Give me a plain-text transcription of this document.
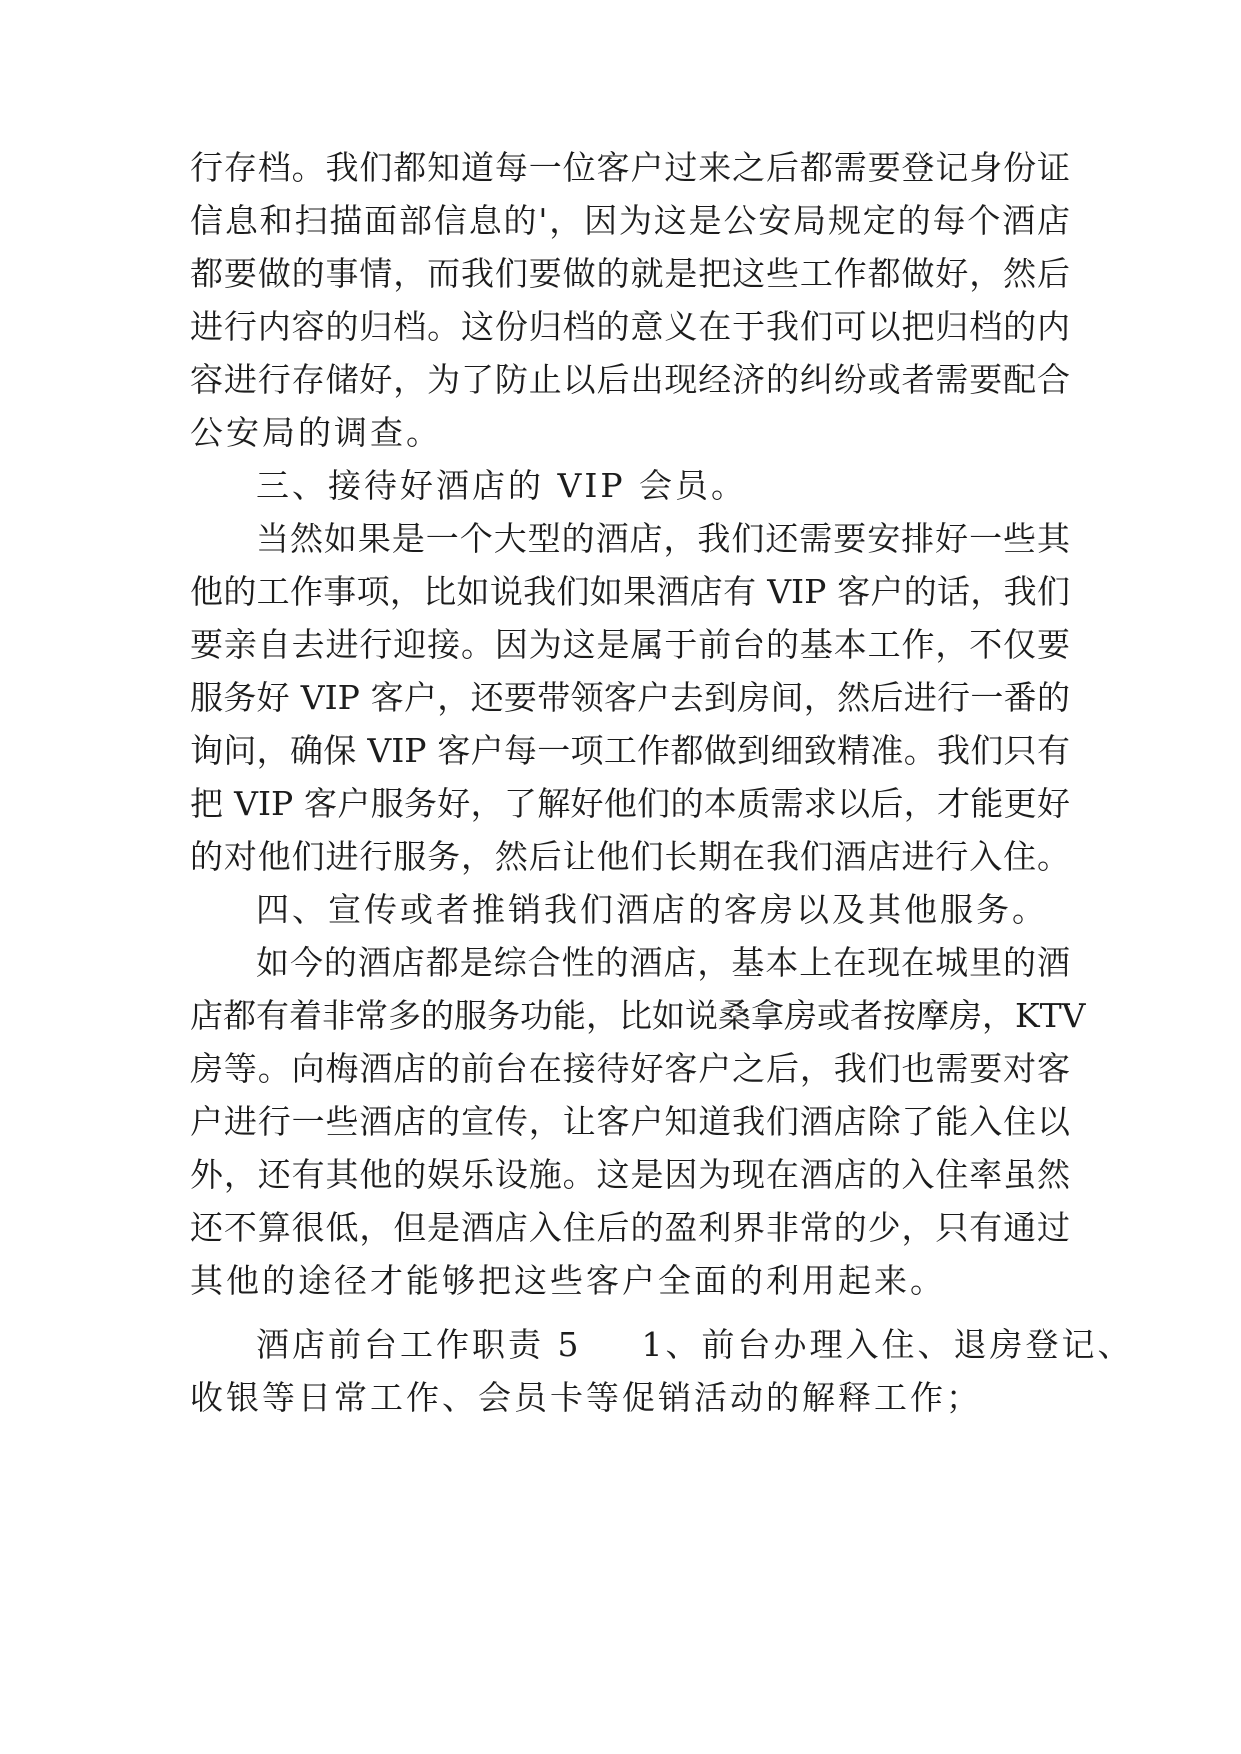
行存档。我们都知道每一位客户过来之后都需要登记身份证
信息和扫描面部信息的'，因为这是公安局规定的每个酒店
都要做的事情，而我们要做的就是把这些工作都做好，然后
进行内容的归档。这份归档的意义在于我们可以把归档的内
容进行存储好，为了防止以后出现经济的纠纷或者需要配合
公安局的调查。
三、接待好酒店的 VIP 会员。
当然如果是一个大型的酒店，我们还需要安排好一些其
他的工作事项，比如说我们如果酒店有 VIP 客户的话，我们
要亲自去进行迎接。因为这是属于前台的基本工作，不仅要
服务好 VIP 客户，还要带领客户去到房间，然后进行一番的
询问，确保 VIP 客户每一项工作都做到细致精准。我们只有
把 VIP 客户服务好，了解好他们的本质需求以后，才能更好
的对他们进行服务，然后让他们长期在我们酒店进行入住。
四、宣传或者推销我们酒店的客房以及其他服务。
如今的酒店都是综合性的酒店，基本上在现在城里的酒
店都有着非常多的服务功能，比如说桑拿房或者按摩房，KTV
房等。向梅酒店的前台在接待好客户之后，我们也需要对客
户进行一些酒店的宣传，让客户知道我们酒店除了能入住以
外，还有其他的娱乐设施。这是因为现在酒店的入住率虽然
还不算很低，但是酒店入住后的盈利界非常的少，只有通过
其他的途径才能够把这些客户全面的利用起来。
酒店前台工作职责 5 1、前台办理入住、退房登记、
收银等日常工作、会员卡等促销活动的解释工作；
